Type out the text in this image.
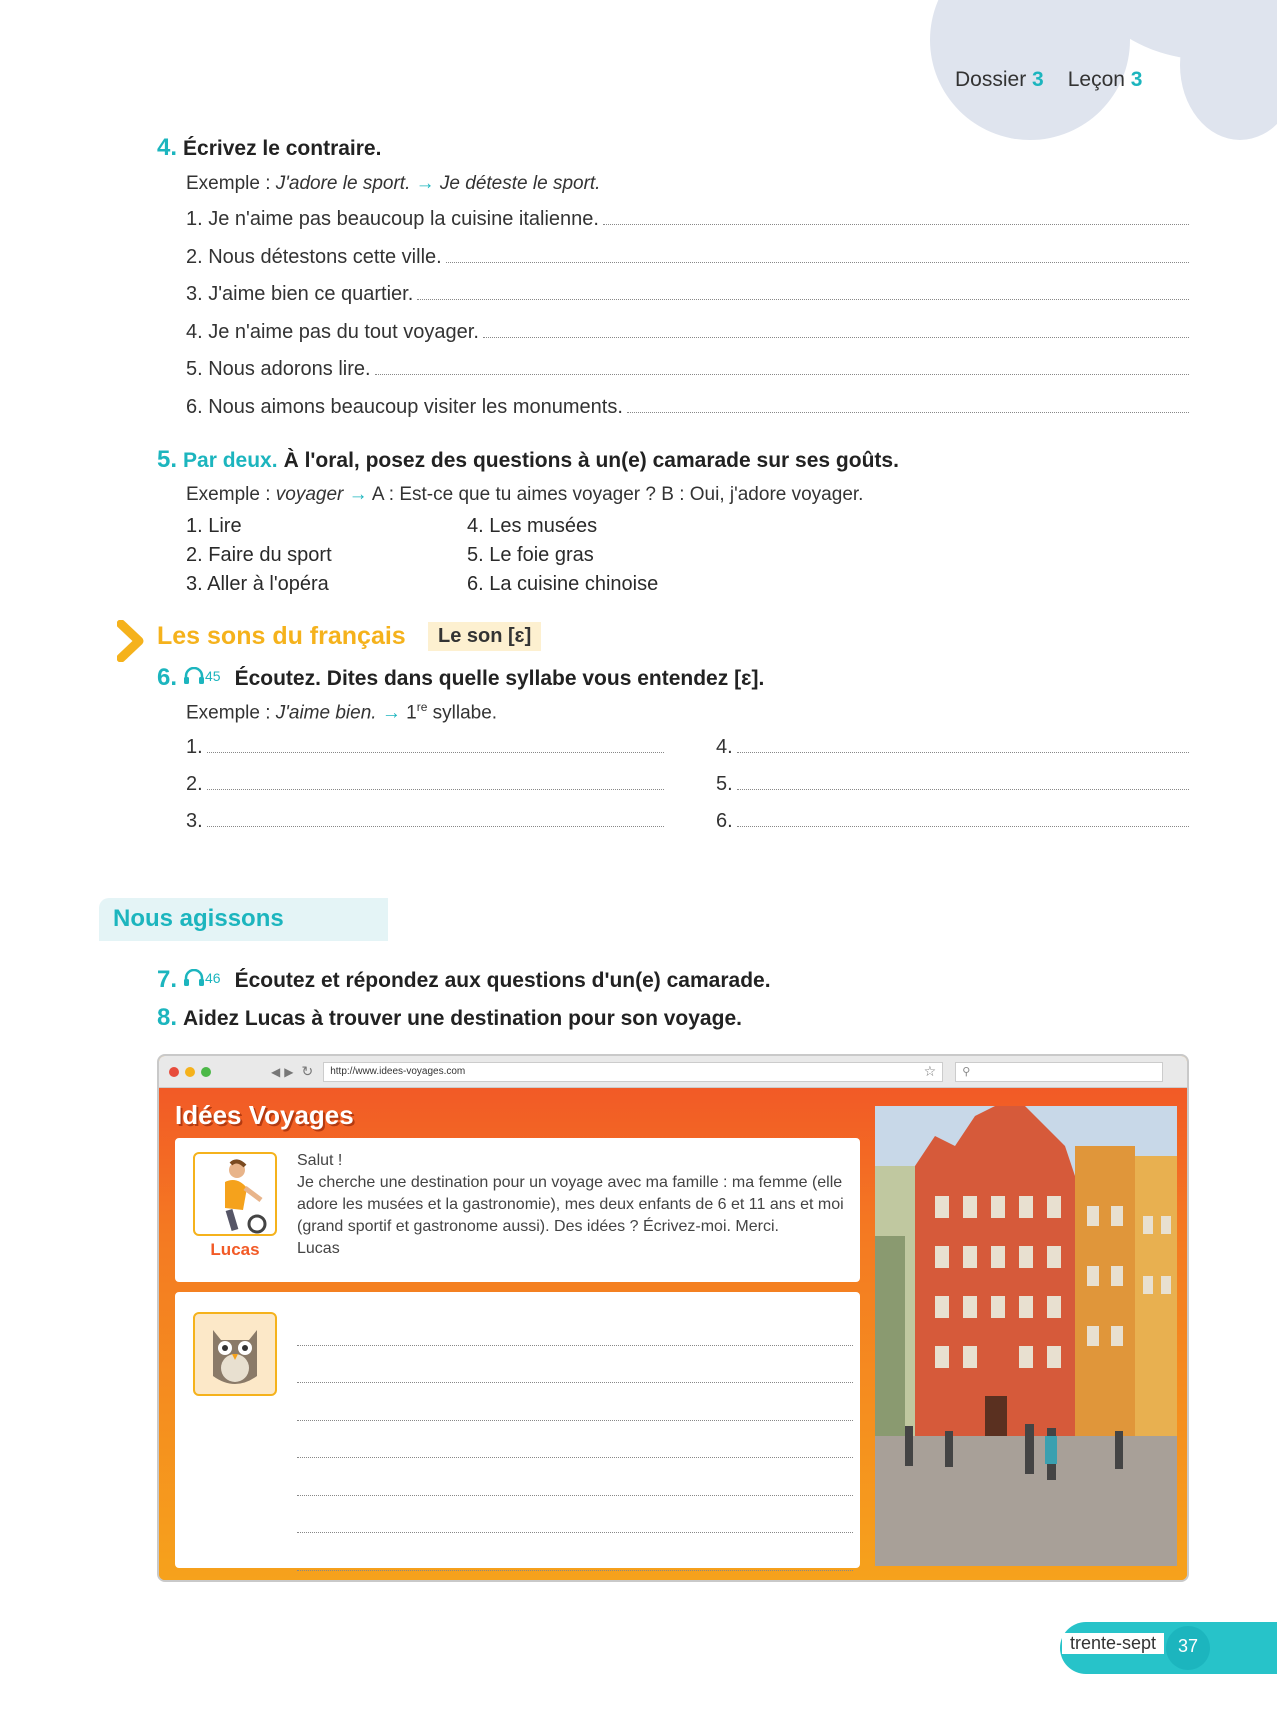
Dossier 3 Leçon 3
4. Écrivez le contraire.
Exemple : J'adore le sport. → Je déteste le sport.
1. Je n'aime pas beaucoup la cuisine italienne.
2. Nous détestons cette ville.
3. J'aime bien ce quartier.
4. Je n'aime pas du tout voyager.
5. Nous adorons lire.
6. Nous aimons beaucoup visiter les monuments.
5. Par deux. À l'oral, posez des questions à un(e) camarade sur ses goûts.
Exemple : voyager → A : Est-ce que tu aimes voyager ? B : Oui, j'adore voyager.
1. Lire
2. Faire du sport
3. Aller à l'opéra
4. Les musées
5. Le foie gras
6. La cuisine chinoise
Les sons du français	Le son [ɛ]
6. 45 Écoutez. Dites dans quelle syllabe vous entendez [ɛ].
Exemple : J'aime bien. → 1re syllabe.
1.
2.
3.
4.
5.
6.
Nous agissons
7. 46 Écoutez et répondez aux questions d'un(e) camarade.
8. Aidez Lucas à trouver une destination pour son voyage.
◀ ▶ ↻ http://www.idees-voyages.com	☆ ⚲
Idées Voyages
Lucas
Salut !
Je cherche une destination pour un voyage avec ma famille : ma femme (elle adore les musées et la gastronomie), mes deux enfants de 6 et 11 ans et moi (grand sportif et gastronome aussi). Des idées ? Écrivez-moi. Merci.
Lucas
trente-sept	37
